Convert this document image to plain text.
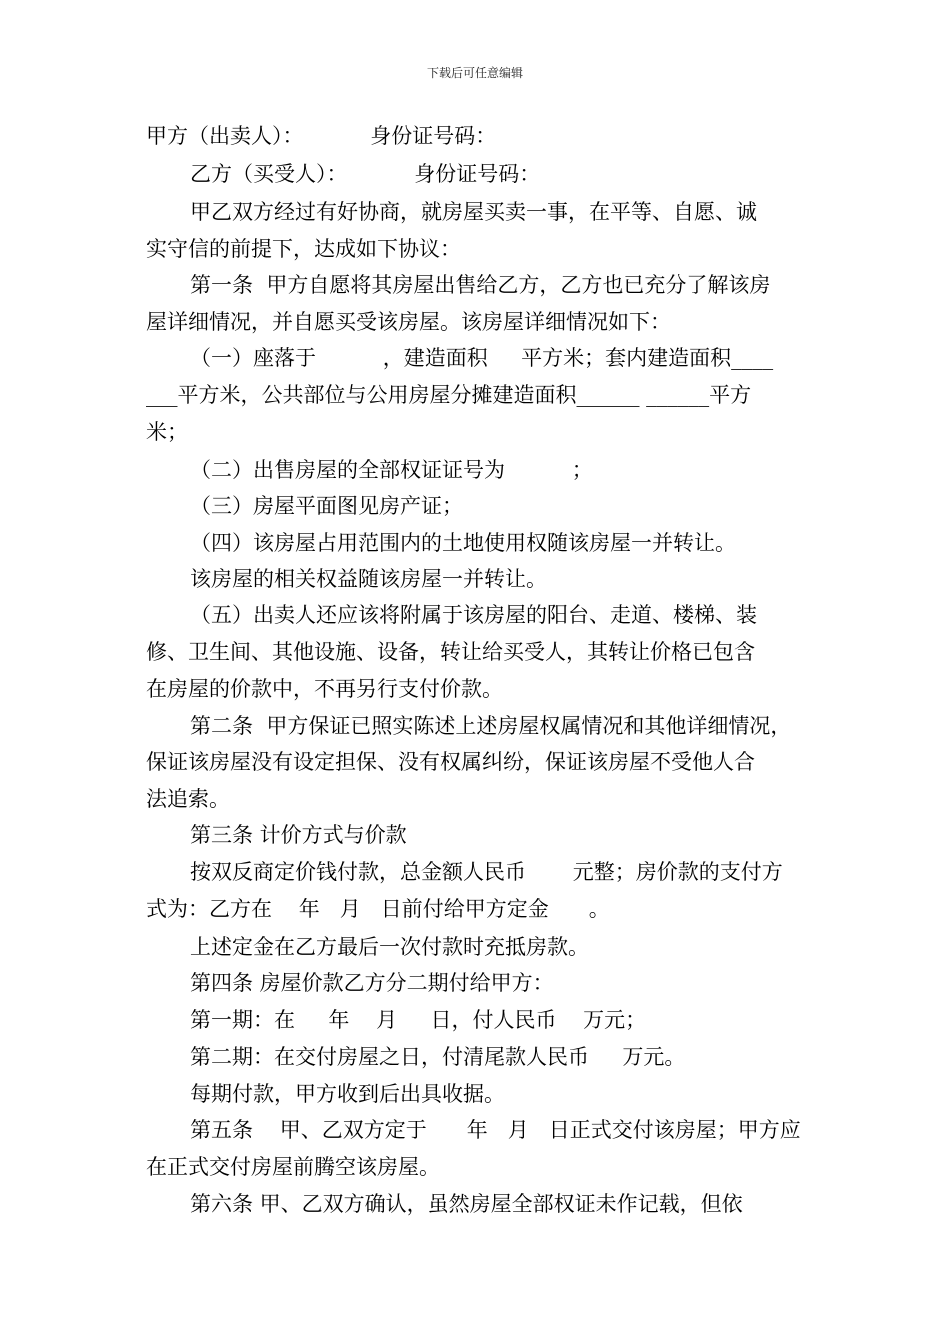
下载后可任意编辑
甲方（出卖人）：          身份证号码：
乙方（买受人）：          身份证号码：
甲乙双方经过有好协商，就房屋买卖一事，在平等、自愿、诚
实守信的前提下，达成如下协议：
第一条  甲方自愿将其房屋出售给乙方，乙方也已充分了解该房
屋详细情况，并自愿买受该房屋。该房屋详细情况如下：
（一）座落于          ，建造面积     平方米；套内建造面积____
___平方米，公共部位与公用房屋分摊建造面积______ ______平方
米；
（二）出售房屋的全部权证证号为          ；
（三）房屋平面图见房产证；
（四）该房屋占用范围内的土地使用权随该房屋一并转让。
该房屋的相关权益随该房屋一并转让。
（五）出卖人还应该将附属于该房屋的阳台、走道、楼梯、装
修、卫生间、其他设施、设备，转让给买受人，其转让价格已包含
在房屋的价款中，不再另行支付价款。
第二条  甲方保证已照实陈述上述房屋权属情况和其他详细情况，
保证该房屋没有设定担保、没有权属纠纷，保证该房屋不受他人合
法追索。
第三条 计价方式与价款
按双反商定价钱付款，总金额人民币       元整；房价款的支付方
式为：乙方在    年   月   日前付给甲方定金      。
上述定金在乙方最后一次付款时充抵房款。
第四条 房屋价款乙方分二期付给甲方：
第一期：在     年    月     日，付人民币    万元；
第二期：在交付房屋之日，付清尾款人民币     万元。
每期付款，甲方收到后出具收据。
第五条    甲、乙双方定于      年   月   日正式交付该房屋；甲方应
在正式交付房屋前腾空该房屋。
第六条 甲、乙双方确认，虽然房屋全部权证未作记载，但依
